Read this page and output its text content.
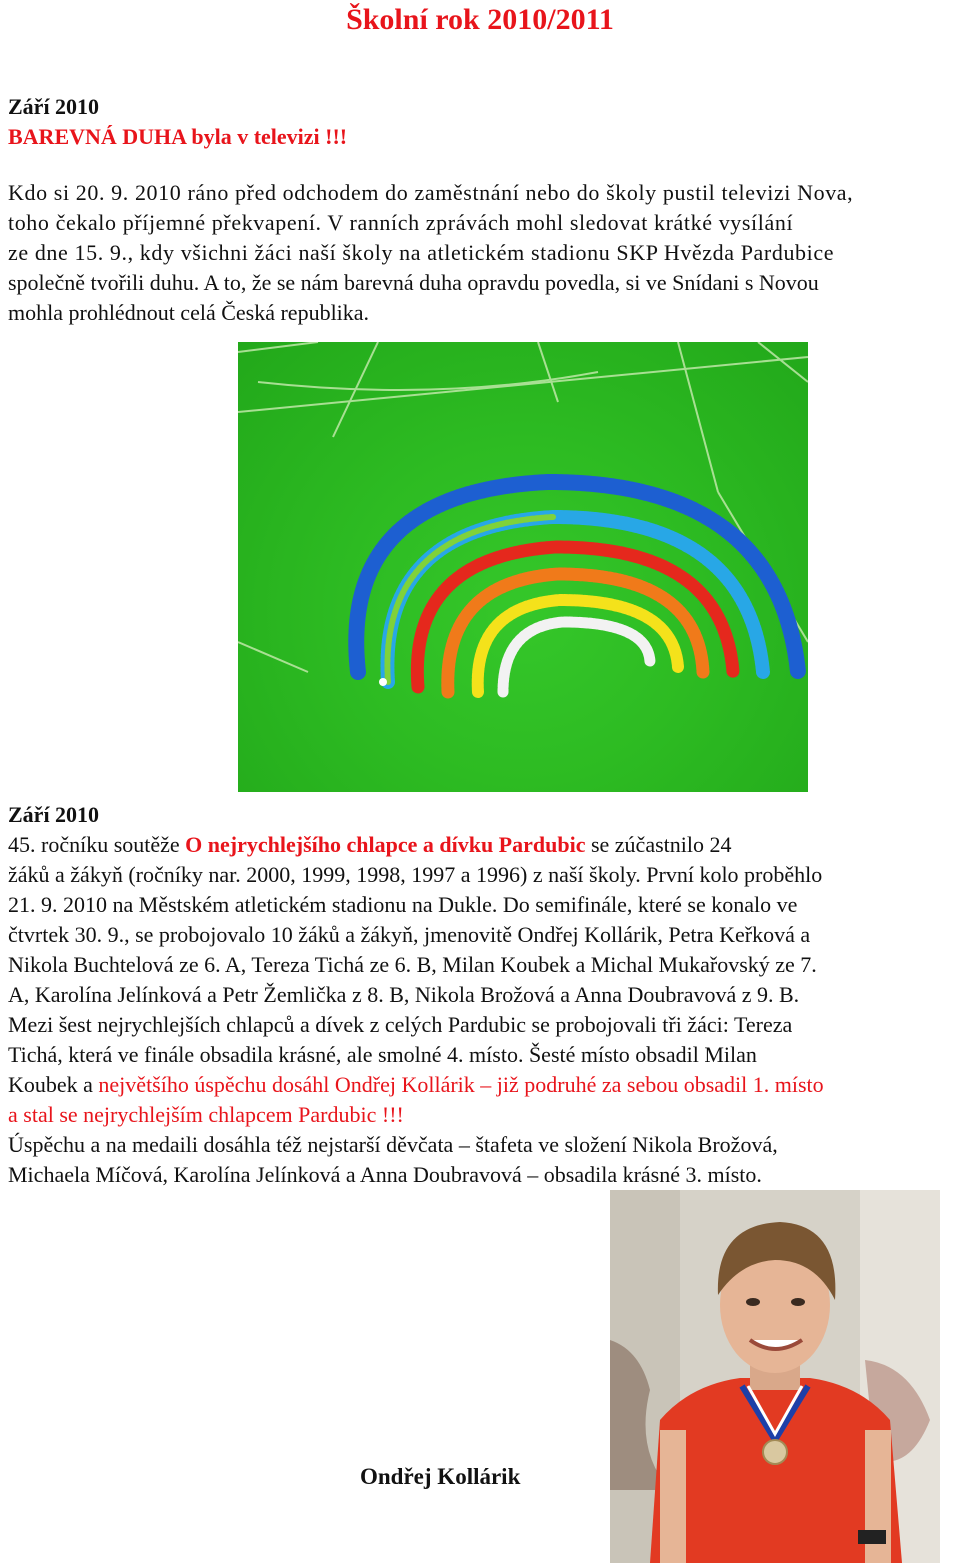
Školní rok 2010/2011
Září 2010
BAREVNÁ DUHA byla v televizi !!!
Kdo si 20. 9. 2010 ráno před odchodem do zaměstnání nebo do školy pustil televizi Nova,
toho čekalo příjemné překvapení. V ranních zprávách mohl sledovat krátké vysílání
ze dne 15. 9., kdy všichni žáci naší školy na atletickém stadionu SKP Hvězda Pardubice
společně tvořili duhu. A to, že se nám barevná duha opravdu povedla, si ve Snídani s Novou
mohla prohlédnout celá Česká republika.
Září 2010
45. ročníku soutěže O nejrychlejšího chlapce a dívku Pardubic se zúčastnilo 24
žáků a žákyň (ročníky nar. 2000, 1999, 1998, 1997 a 1996) z naší školy. První kolo proběhlo
21. 9. 2010 na Městském atletickém stadionu na Dukle. Do semifinále, které se konalo ve
čtvrtek 30. 9., se probojovalo 10 žáků a žákyň, jmenovitě Ondřej Kollárik, Petra Keřková a
Nikola Buchtelová ze 6. A, Tereza Tichá ze 6. B, Milan Koubek a Michal Mukařovský ze 7.
A, Karolína Jelínková a Petr Žemlička z 8. B, Nikola Brožová a Anna Doubravová z 9. B.
Mezi šest nejrychlejších chlapců a dívek z celých Pardubic se probojovali tři žáci: Tereza
Tichá, která ve finále obsadila krásné, ale smolné 4. místo. Šesté místo obsadil Milan
Koubek a největšího úspěchu dosáhl Ondřej Kollárik – již podruhé za sebou obsadil 1. místo
a stal se nejrychlejším chlapcem Pardubic !!!
Úspěchu a na medaili dosáhla též nejstarší děvčata – štafeta ve složení Nikola Brožová,
Michaela Míčová, Karolína Jelínková a Anna Doubravová – obsadila krásné 3. místo.
Ondřej Kollárik
